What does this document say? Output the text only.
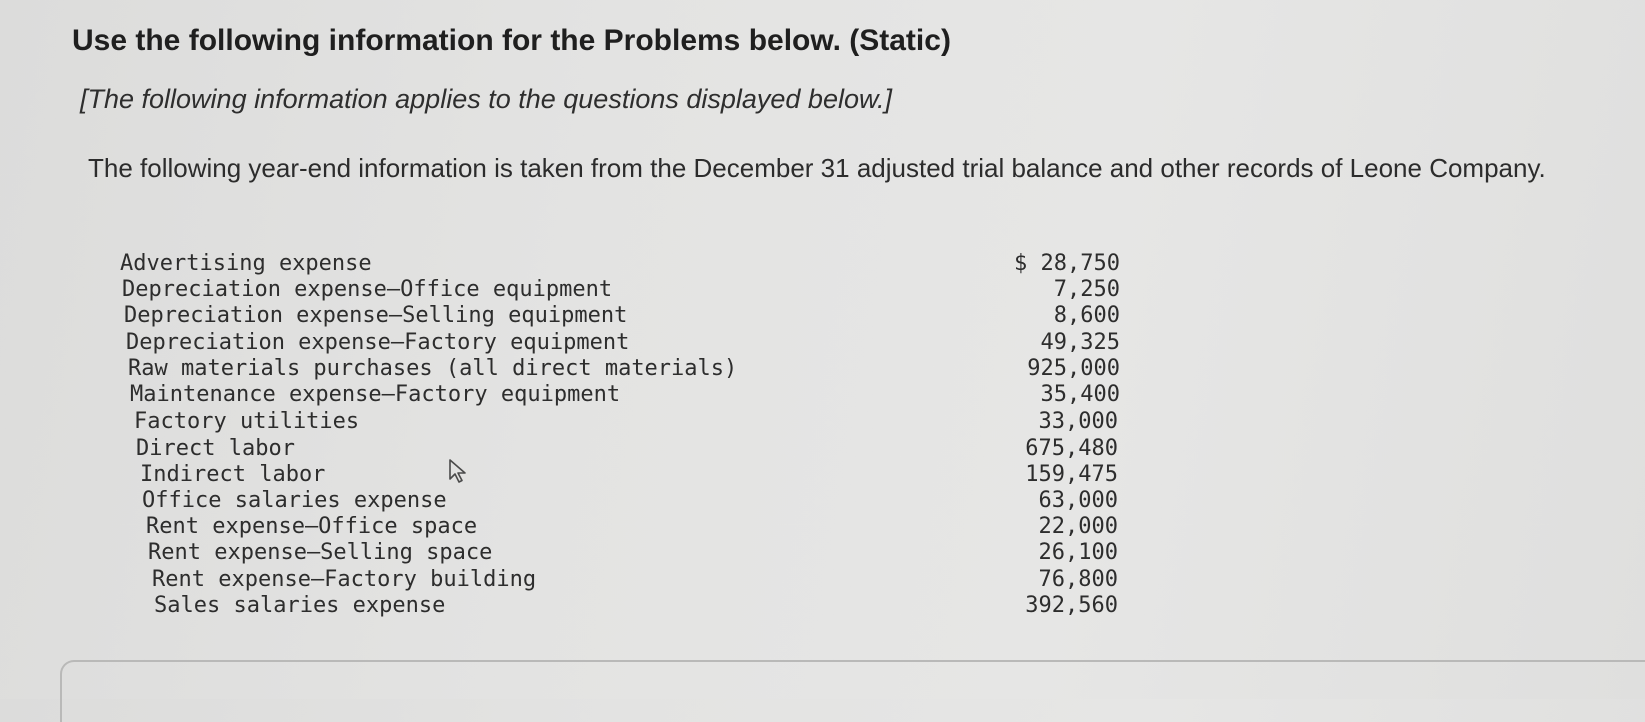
Use the following information for the Problems below. (Static)

[The following information applies to the questions displayed below.]

The following year-end information is taken from the December 31 adjusted trial balance and other records of Leone Company.

Advertising expense	$ 28,750
Depreciation expense—Office equipment	7,250
Depreciation expense—Selling equipment	8,600
Depreciation expense—Factory equipment	49,325
Raw materials purchases (all direct materials)	925,000
Maintenance expense—Factory equipment	35,400
Factory utilities	33,000
Direct labor	675,480
Indirect labor	159,475
Office salaries expense	63,000
Rent expense—Office space	22,000
Rent expense—Selling space	26,100
Rent expense—Factory building	76,800
Sales salaries expense	392,560
